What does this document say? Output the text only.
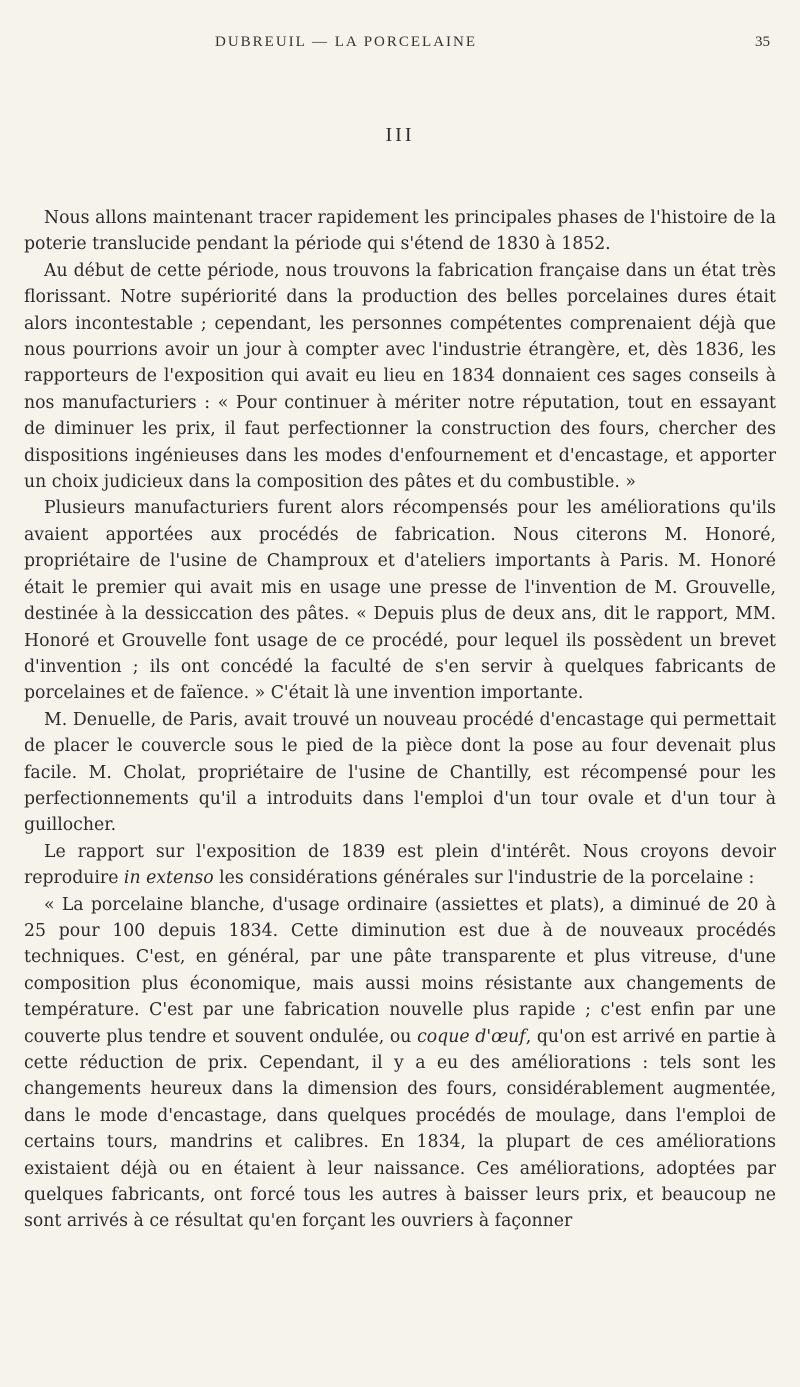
DUBREUIL — LA PORCELAINE	35
III

Nous allons maintenant tracer rapidement les principales phases de l'histoire de la poterie translucide pendant la période qui s'étend de 1830 à 1852.

Au début de cette période, nous trouvons la fabrication française dans un état très florissant. Notre supériorité dans la production des belles porcelaines dures était alors incontestable ; cependant, les personnes compétentes comprenaient déjà que nous pourrions avoir un jour à compter avec l'industrie étrangère, et, dès 1836, les rapporteurs de l'exposition qui avait eu lieu en 1834 donnaient ces sages conseils à nos manufacturiers : « Pour continuer à mériter notre réputation, tout en essayant de diminuer les prix, il faut perfectionner la construction des fours, chercher des dispositions ingénieuses dans les modes d'enfournement et d'encastage, et apporter un choix judicieux dans la composition des pâtes et du combustible. »

Plusieurs manufacturiers furent alors récompensés pour les améliorations qu'ils avaient apportées aux procédés de fabrication. Nous citerons M. Honoré, propriétaire de l'usine de Champroux et d'ateliers importants à Paris. M. Honoré était le premier qui avait mis en usage une presse de l'invention de M. Grouvelle, destinée à la dessiccation des pâtes. « Depuis plus de deux ans, dit le rapport, MM. Honoré et Grouvelle font usage de ce procédé, pour lequel ils possèdent un brevet d'invention ; ils ont concédé la faculté de s'en servir à quelques fabricants de porcelaines et de faïence. » C'était là une invention importante.

M. Denuelle, de Paris, avait trouvé un nouveau procédé d'encastage qui permettait de placer le couvercle sous le pied de la pièce dont la pose au four devenait plus facile. M. Cholat, propriétaire de l'usine de Chantilly, est récompensé pour les perfectionnements qu'il a introduits dans l'emploi d'un tour ovale et d'un tour à guillocher.

Le rapport sur l'exposition de 1839 est plein d'intérêt. Nous croyons devoir reproduire in extenso les considérations générales sur l'industrie de la porcelaine :

« La porcelaine blanche, d'usage ordinaire (assiettes et plats), a diminué de 20 à 25 pour 100 depuis 1834. Cette diminution est due à de nouveaux procédés techniques. C'est, en général, par une pâte transparente et plus vitreuse, d'une composition plus économique, mais aussi moins résistante aux changements de température. C'est par une fabrication nouvelle plus rapide ; c'est enfin par une couverte plus tendre et souvent ondulée, ou coque d'œuf, qu'on est arrivé en partie à cette réduction de prix. Cependant, il y a eu des améliorations : tels sont les changements heureux dans la dimension des fours, considérablement augmentée, dans le mode d'encastage, dans quelques procédés de moulage, dans l'emploi de certains tours, mandrins et calibres. En 1834, la plupart de ces améliorations existaient déjà ou en étaient à leur naissance. Ces améliorations, adoptées par quelques fabricants, ont forcé tous les autres à baisser leurs prix, et beaucoup ne sont arrivés à ce résultat qu'en forçant les ouvriers à façonner
